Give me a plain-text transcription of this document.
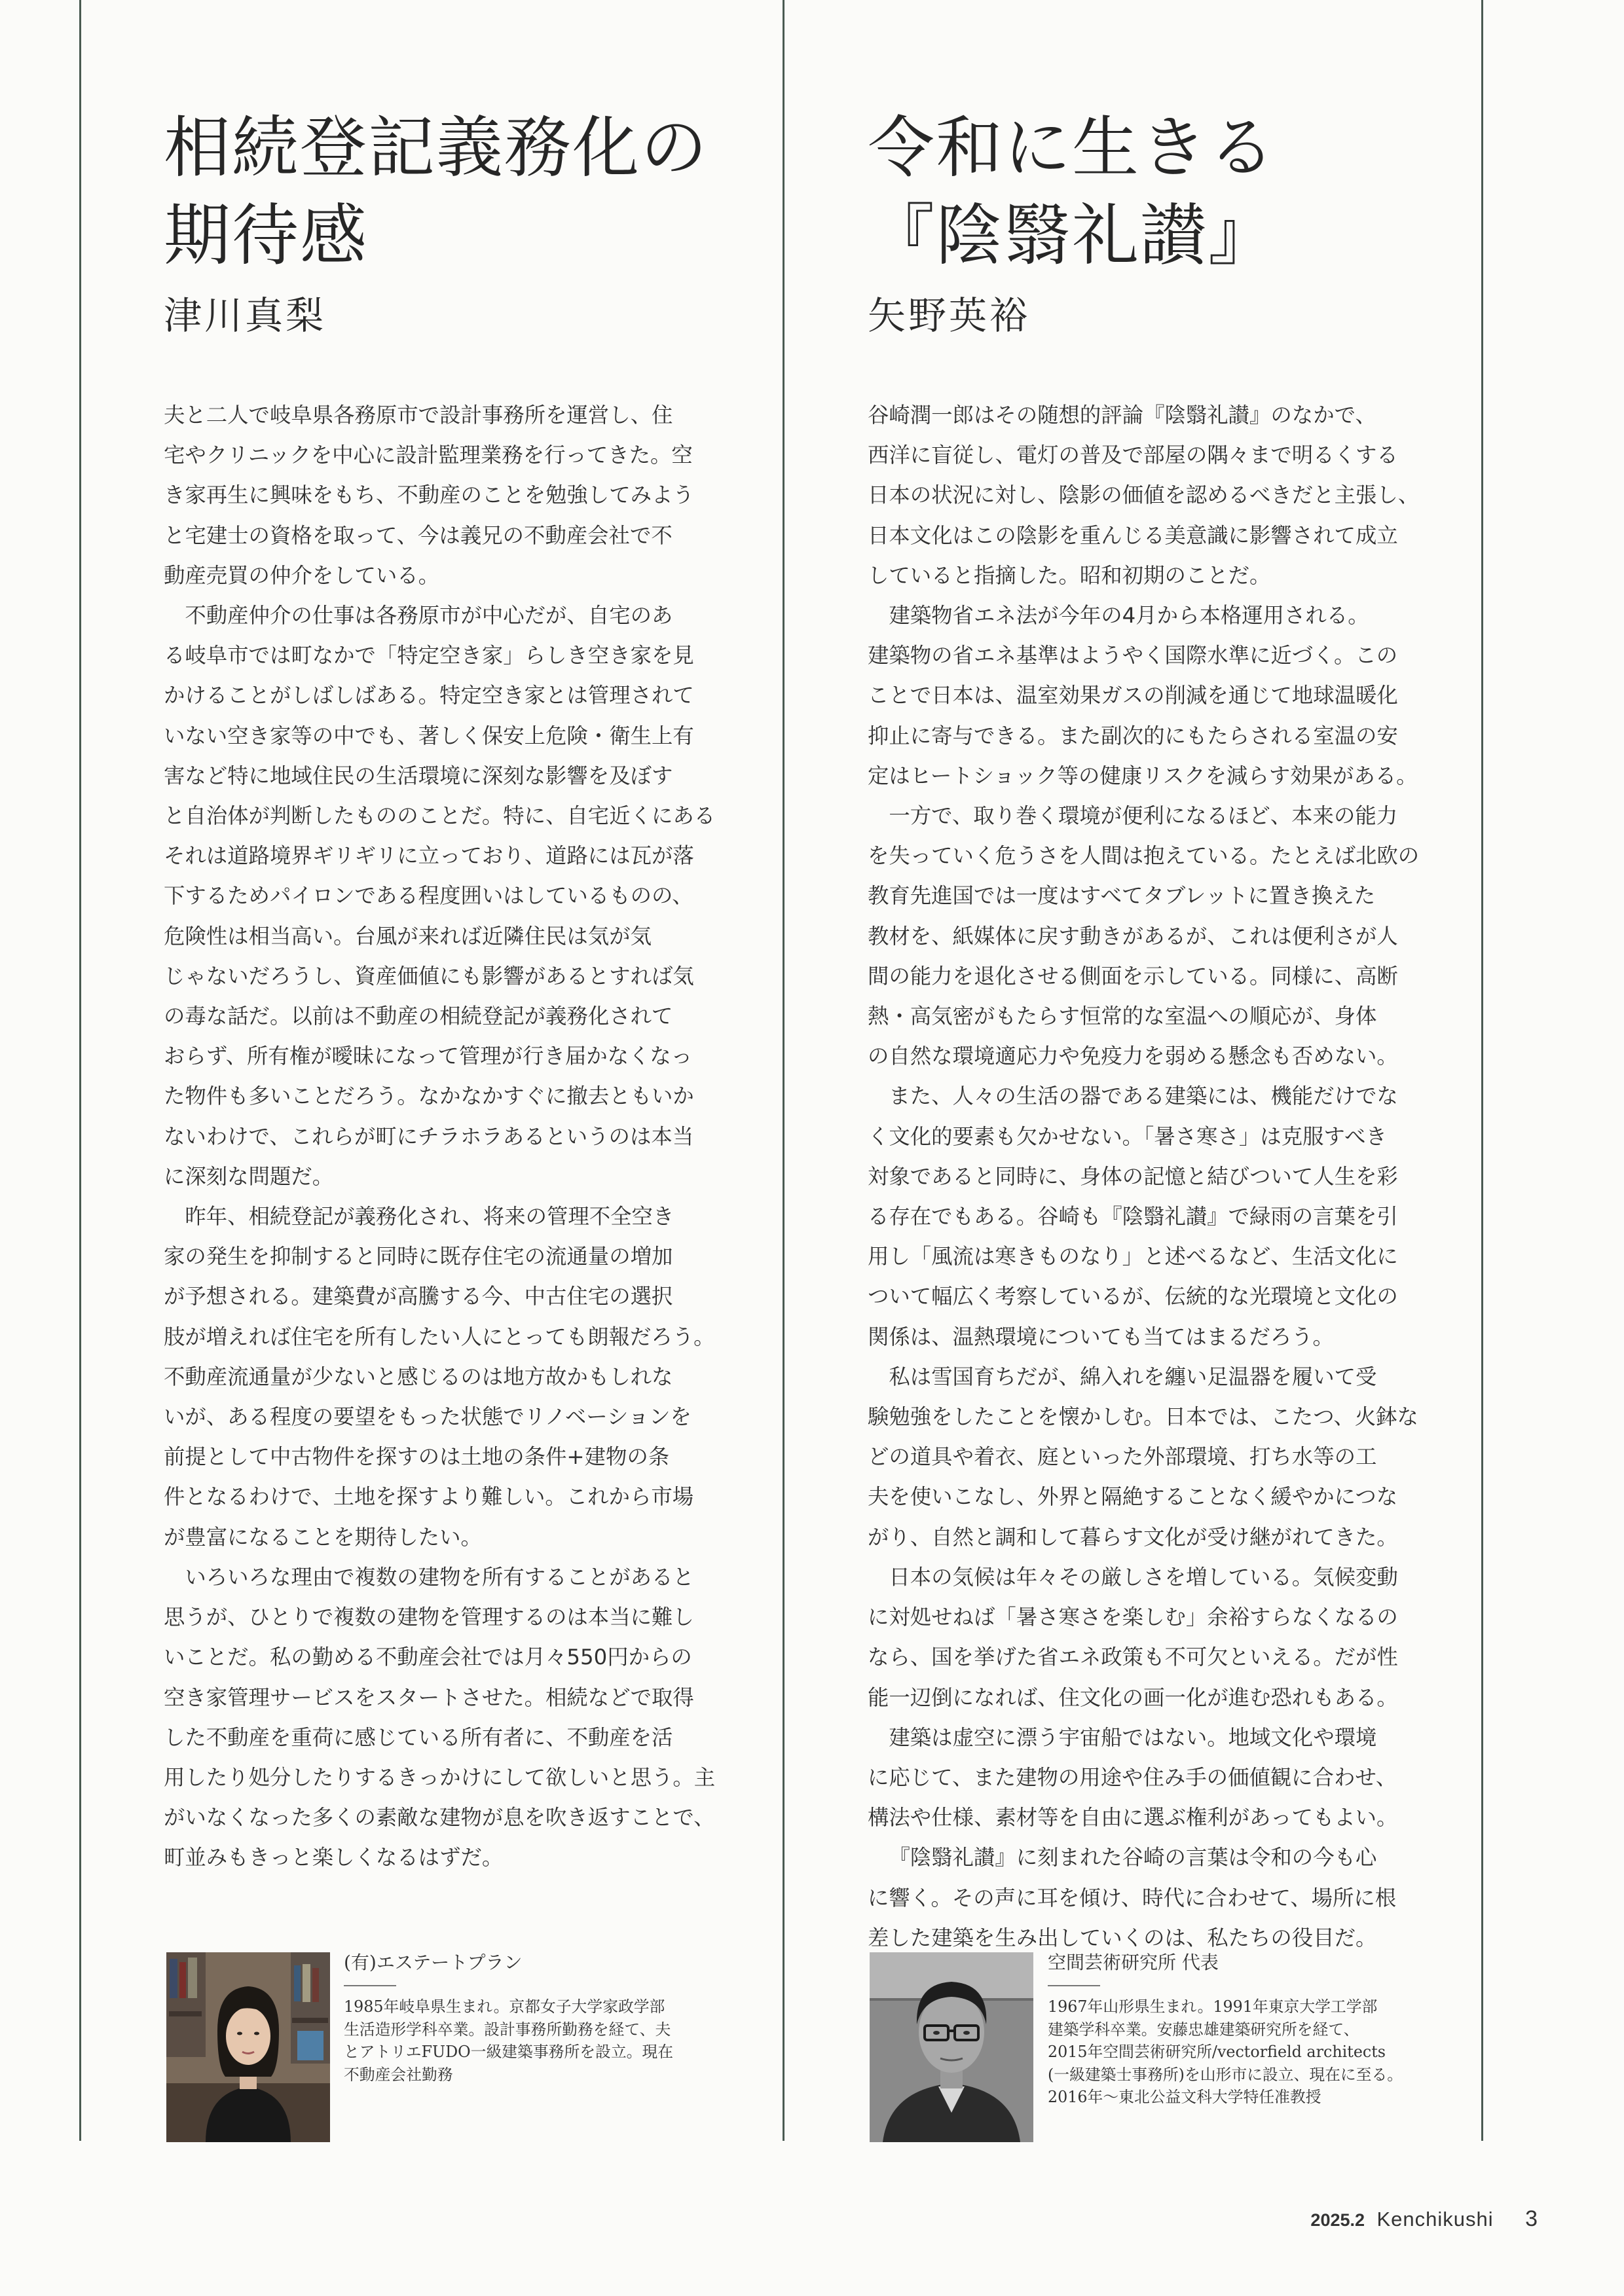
相続登記義務化の
期待感
津川真梨

夫と二人で岐阜県各務原市で設計事務所を運営し、住

宅やクリニックを中心に設計監理業務を行ってきた。空

き家再生に興味をもち、不動産のことを勉強してみよう

と宅建士の資格を取って、今は義兄の不動産会社で不

動産売買の仲介をしている。

不動産仲介の仕事は各務原市が中心だが、自宅のあ

る岐阜市では町なかで「特定空き家」らしき空き家を見

かけることがしばしばある。特定空き家とは管理されて

いない空き家等の中でも、著しく保安上危険・衛生上有

害など特に地域住民の生活環境に深刻な影響を及ぼす

と自治体が判断したもののことだ。特に、自宅近くにある

それは道路境界ギリギリに立っており、道路には瓦が落

下するためパイロンである程度囲いはしているものの、

危険性は相当高い。台風が来れば近隣住民は気が気

じゃないだろうし、資産価値にも影響があるとすれば気

の毒な話だ。以前は不動産の相続登記が義務化されて

おらず、所有権が曖昧になって管理が行き届かなくなっ

た物件も多いことだろう。なかなかすぐに撤去ともいか

ないわけで、これらが町にチラホラあるというのは本当

に深刻な問題だ。

昨年、相続登記が義務化され、将来の管理不全空き

家の発生を抑制すると同時に既存住宅の流通量の増加

が予想される。建築費が高騰する今、中古住宅の選択

肢が増えれば住宅を所有したい人にとっても朗報だろう。

不動産流通量が少ないと感じるのは地方故かもしれな

いが、ある程度の要望をもった状態でリノベーションを

前提として中古物件を探すのは土地の条件+建物の条

件となるわけで、土地を探すより難しい。これから市場

が豊富になることを期待したい。

いろいろな理由で複数の建物を所有することがあると

思うが、ひとりで複数の建物を管理するのは本当に難し

いことだ。私の勤める不動産会社では月々550円からの

空き家管理サービスをスタートさせた。相続などで取得

した不動産を重荷に感じている所有者に、不動産を活

用したり処分したりするきっかけにして欲しいと思う。主

がいなくなった多くの素敵な建物が息を吹き返すことで、

町並みもきっと楽しくなるはずだ。

(有)エステートプラン

1985年岐阜県生まれ。京都女子大学家政学部
生活造形学科卒業。設計事務所勤務を経て、夫
とアトリエFUDO一級建築事務所を設立。現在
不動産会社勤務

令和に生きる
『陰翳礼讃』
矢野英裕

谷崎潤一郎はその随想的評論『陰翳礼讃』のなかで、

西洋に盲従し、電灯の普及で部屋の隅々まで明るくする

日本の状況に対し、陰影の価値を認めるべきだと主張し、

日本文化はこの陰影を重んじる美意識に影響されて成立

していると指摘した。昭和初期のことだ。

建築物省エネ法が今年の4月から本格運用される。

建築物の省エネ基準はようやく国際水準に近づく。この

ことで日本は、温室効果ガスの削減を通じて地球温暖化

抑止に寄与できる。また副次的にもたらされる室温の安

定はヒートショック等の健康リスクを減らす効果がある。

一方で、取り巻く環境が便利になるほど、本来の能力

を失っていく危うさを人間は抱えている。たとえば北欧の

教育先進国では一度はすべてタブレットに置き換えた

教材を、紙媒体に戻す動きがあるが、これは便利さが人

間の能力を退化させる側面を示している。同様に、高断

熱・高気密がもたらす恒常的な室温への順応が、身体

の自然な環境適応力や免疫力を弱める懸念も否めない。

また、人々の生活の器である建築には、機能だけでな

く文化的要素も欠かせない。「暑さ寒さ」は克服すべき

対象であると同時に、身体の記憶と結びついて人生を彩

る存在でもある。谷崎も『陰翳礼讃』で緑雨の言葉を引

用し「風流は寒きものなり」と述べるなど、生活文化に

ついて幅広く考察しているが、伝統的な光環境と文化の

関係は、温熱環境についても当てはまるだろう。

私は雪国育ちだが、綿入れを纏い足温器を履いて受

験勉強をしたことを懐かしむ。日本では、こたつ、火鉢な

どの道具や着衣、庭といった外部環境、打ち水等の工

夫を使いこなし、外界と隔絶することなく緩やかにつな

がり、自然と調和して暮らす文化が受け継がれてきた。

日本の気候は年々その厳しさを増している。気候変動

に対処せねば「暑さ寒さを楽しむ」余裕すらなくなるの

なら、国を挙げた省エネ政策も不可欠といえる。だが性

能一辺倒になれば、住文化の画一化が進む恐れもある。

建築は虚空に漂う宇宙船ではない。地域文化や環境

に応じて、また建物の用途や住み手の価値観に合わせ、

構法や仕様、素材等を自由に選ぶ権利があってもよい。

『陰翳礼讃』に刻まれた谷崎の言葉は令和の今も心

に響く。その声に耳を傾け、時代に合わせて、場所に根

差した建築を生み出していくのは、私たちの役目だ。

空間芸術研究所 代表

1967年山形県生まれ。1991年東京大学工学部
建築学科卒業。安藤忠雄建築研究所を経て、
2015年空間芸術研究所/vectorfield architects
(一級建築士事務所)を山形市に設立、現在に至る。
2016年〜東北公益文科大学特任准教授

2025.2 Kenchikushi 3
